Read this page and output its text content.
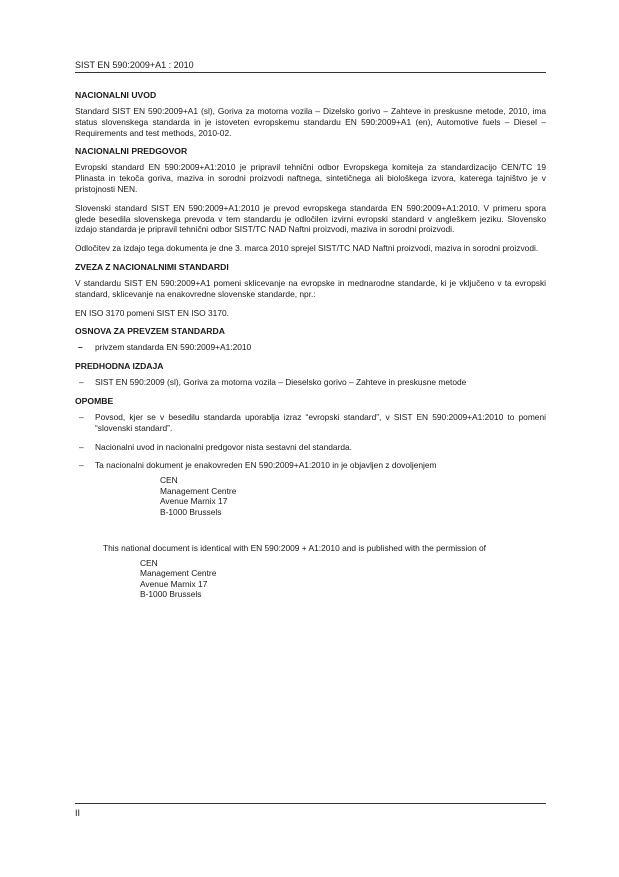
SIST EN 590:2009+A1 : 2010
NACIONALNI UVOD

Standard SIST EN 590:2009+A1 (sl), Goriva za motorna vozila – Dizelsko gorivo – Zahteve in preskusne metode, 2010, ima status slovenskega standarda in je istoveten evropskemu standardu EN 590:2009+A1 (en), Automotive fuels – Diesel – Requirements and test methods, 2010-02.

NACIONALNI PREDGOVOR

Evropski standard EN 590:2009+A1:2010 je pripravil tehnični odbor Evropskega komiteja za standardizacijo CEN/TC 19 Plinasta in tekoča goriva, maziva in sorodni proizvodi naftnega, sintetičnega ali biološkega izvora, katerega tajništvo je v pristojnosti NEN.

Slovenski standard SIST EN 590:2009+A1:2010 je prevod evropskega standarda EN 590:2009+A1:2010. V primeru spora glede besedila slovenskega prevoda v tem standardu je odločilen izvirni evropski standard v angleškem jeziku. Slovensko izdajo standarda je pripravil tehnični odbor SIST/TC NAD Naftni proizvodi, maziva in sorodni proizvodi.

Odločitev za izdajo tega dokumenta je dne 3. marca 2010 sprejel SIST/TC NAD Naftni proizvodi, maziva in sorodni proizvodi.

ZVEZA Z NACIONALNIMI STANDARDI

V standardu SIST EN 590:2009+A1 pomeni sklicevanje na evropske in mednarodne standarde, ki je vključeno v ta evropski standard, sklicevanje na enakovredne slovenske standarde, npr.:

EN ISO 3170 pomeni SIST EN ISO 3170.

OSNOVA ZA PREVZEM STANDARDA
– privzem standarda EN 590:2009+A1:2010
PREDHODNA IZDAJA
– SIST EN 590:2009 (sl), Goriva za motorna vozila – Dieselsko gorivo – Zahteve in preskusne metode
OPOMBE
– Povsod, kjer se v besedilu standarda uporablja izraz “evropski standard”, v SIST EN 590:2009+A1:2010 to pomeni “slovenski standard”.
– Nacionalni uvod in nacionalni predgovor nista sestavni del standarda.
– Ta nacionalni dokument je enakovreden EN 590:2009+A1:2010 in je objavljen z dovoljenjem
CEN
Management Centre
Avenue Marnix 17
B-1000 Brussels

This national document is identical with EN 590:2009 + A1:2010 and is published with the permission of

CEN
Management Centre
Avenue Marnix 17
B-1000 Brussels
II
